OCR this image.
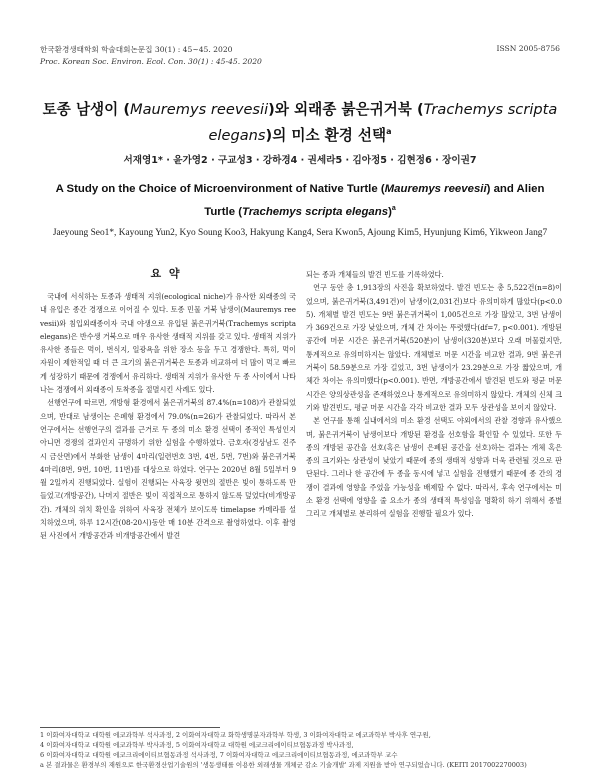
한국환경생태학회 학술대회논문집 30(1) : 45~45. 2020
Proc. Korean Soc. Environ. Ecol. Con. 30(1) : 45-45. 2020
ISSN 2005-8756
토종 남생이 (Mauremys reevesii)와 외래종 붉은귀거북 (Trachemys scripta elegans)의 미소 환경 선택$^a$
서재영1* · 윤가영2 · 구교성3 · 강하경4 · 권세라5 · 김아정5 · 김현정6 · 장이권7
A Study on the Choice of Microenvironment of Native Turtle (Mauremys reevesii) and Alien Turtle (Trachemys scripta elegans)$^a$
Jaeyoung Seo1*, Kayoung Yun2, Kyo Soung Koo3, Hakyung Kang4, Sera Kwon5, Ajoung Kim5, Hyunjung Kim6, Yikweon Jang7
요 약

국내에 서식하는 토종과 생태적 지위(ecological niche)가 유사한 외래종의 국내 유입은 종간 경쟁으로 이어질 수 있다. 토종 민물 거북 남생이(Mauremys reevesii)와 침입외래종이자 국내 야생으로 유입된 붉은귀거북(Trachemys scripta elegans)은 반수생 거북으로 매우 유사한 생태적 지위를 갖고 있다. 생태적 지위가 유사한 종들은 먹이, 번식지, 일광욕을 위한 장소 등을 두고 경쟁한다. 특히, 먹이 자원이 제한적일 때 더 큰 크기의 붉은귀거북은 토종과 비교하여 더 많이 먹고 빠르게 성장하기 때문에 경쟁에서 유리하다. 생태적 지위가 유사한 두 종 사이에서 나타나는 경쟁에서 외래종이 토착종을 절멸시킨 사례도 있다.

선행연구에 따르면, 개방형 환경에서 붉은귀거북의 87.4%(n=108)가 관찰되었으며, 반대로 남생이는 은폐형 환경에서 79.0%(n=26)가 관찰되었다. 따라서 본 연구에서는 선행연구의 결과를 근거로 두 종의 미소 환경 선택이 종적인 특성인지 아니면 경쟁의 결과인지 규명하기 위한 실험을 수행하였다. 금호자(경상남도 진주시 금산면)에서 부화한 남생이 4마리(일련번호 3번, 4번, 5번, 7번)와 붉은귀거북 4마리(8번, 9번, 10번, 11번)를 대상으로 하였다. 연구는 2020년 8월 5일부터 9월 2일까지 진행되었다. 실험이 진행되는 사육장 윗면의 절반은 빛이 통하도록 만들었고(개방공간), 나머지 절반은 빛이 직접적으로 통하지 않도록 덮었다(비개방공간). 개체의 위치 확인을 위하여 사육장 전체가 보이도록 timelapse 카메라를 설치하였으며, 하루 12시간(08-20시)동안 매 10분 간격으로 촬영하였다. 이후 촬영된 사진에서 개방공간과 비개방공간에서 발견

되는 종과 개체들의 발견 빈도를 기록하였다.

연구 동안 총 1,913장의 사진을 확보하였다. 발견 빈도는 총 5,522건(n=8)이었으며, 붉은귀거북(3,491건)이 남생이(2,031건)보다 유의미하게 많았다(p<0.05). 개체별 발견 빈도는 9번 붉은귀거북이 1,005건으로 가장 많았고, 3번 남생이가 369건으로 가장 낮았으며, 개체 간 차이는 뚜렷했다(df=7, p<0.001). 개방된 공간에 머문 시간은 붉은귀거북(520분)이 남생이(320분)보다 오래 머물렀지만, 통계적으로 유의미하지는 않았다. 개체별로 머문 시간을 비교한 결과, 9번 붉은귀거북이 58.59분으로 가장 길었고, 3번 남생이가 23.29분으로 가장 짧았으며, 개체간 차이는 유의미했다(p<0.001). 반면, 개방공간에서 발견된 빈도와 평균 머문 시간은 양의상관성을 존재하였으나 통계적으로 유의미하지 않았다. 개체의 신체 크기와 발견빈도, 평균 머문 시간을 각각 비교한 결과 모두 상관성을 보이지 않았다.

본 연구를 통해 실내에서의 미소 환경 선택도 야외에서의 관찰 경향과 유사했으며, 붉은귀거북이 남생이보다 개방된 환경을 선호함을 확인할 수 있었다. 또한 두 종의 개방된 공간을 선호(혹은 남생이 은폐된 공간을 선호)하는 결과는 개체 혹은 종의 크기와는 상관성이 낮았기 때문에 종의 생태적 성향과 더욱 관련될 것으로 판단된다. 그러나 한 공간에 두 종을 동시에 넣고 실험을 진행했기 때문에 종 간의 경쟁이 결과에 영향을 주었을 가능성을 배제할 수 없다. 따라서, 후속 연구에서는 미소 환경 선택에 영향을 줄 요소가 종의 생태적 특성임을 명확히 하기 위해서 종별 그리고 개체별로 분리하여 실험을 진행할 필요가 있다.

1 이화여자대학교 대학원 에코과학부 석사과정, 2 이화여자대학교 화학생명분자과학부 학생, 3 이화여자대학교 에코과학부 박사후 연구원,
4 이화여자대학교 대학원 에코과학부 박사과정, 5 이화여자대학교 대학원 에코크리에이티브협동과정 박사과정,
6 이화여자대학교 대학원 에코크리에이티브협동과정 석사과정, 7 이화여자대학교 에코크리에이티브협동과정, 에코과학부 교수
a 본 결과물은 환경부의 재원으로 한국환경산업기술원의 '생동생태를 이용한 외래생물 개체군 감소 기술개발' 과제 지원을 받아 연구되었습니다. (KEITI 2017002270003)
